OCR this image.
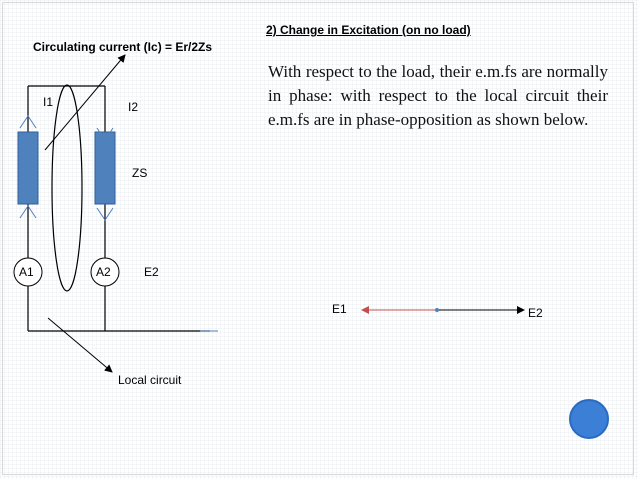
Circulating current (Ic) = Er/2Zs
I1	I2
ZS
A1	A2	E2
Local circuit
2) Change in Excitation (on no load)
With respect to the load, their e.m.fs are normally in phase: with respect to the local circuit their e.m.fs are in phase-opposition as shown below.
E1	E2
